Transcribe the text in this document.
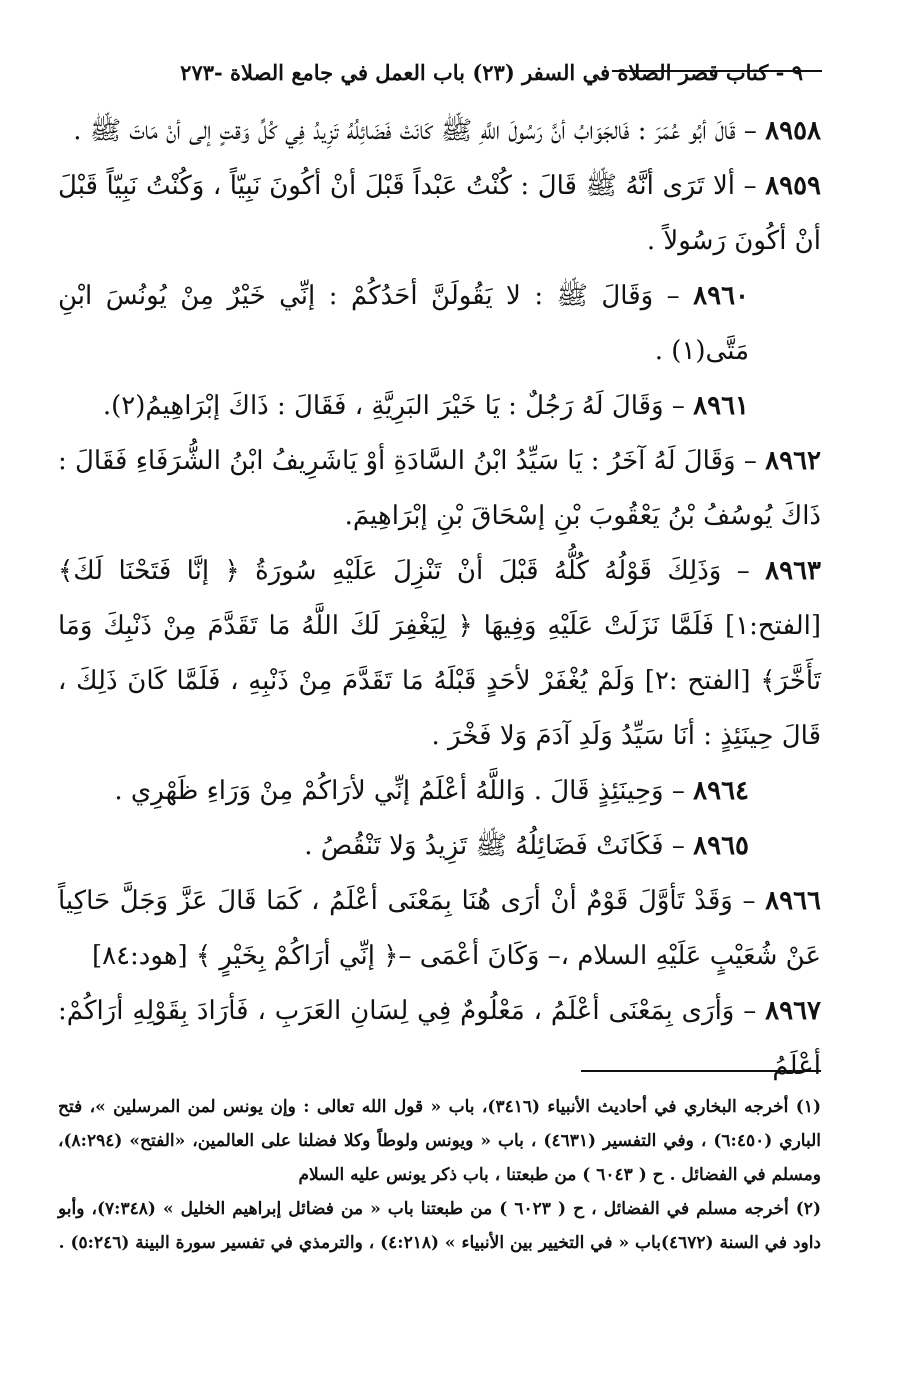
٩ - كتاب قصر الصلاة في السفر (٢٣) باب العمل في جامع الصلاة -٢٧٣

٨٩٥٨ – قَالَ أبُو عُمَرَ : فَالجَوَابُ أنَّ رَسُولَ اللَّهِ ﷺ كَانَتْ فَضَائِلُهُ تَزِيدُ فِي كُلِّ وَقتٍ إلى أنْ مَاتَ ﷺ .

٨٩٥٩ – ألا تَرَى أنَّهُ ﷺ قَالَ : كُنْتُ عَبْداً قَبْلَ أنْ أكُونَ نَبِيّاً ، وَكُنْتُ نَبِيّاً قَبْلَ أنْ أكُونَ رَسُولاً .

٨٩٦٠ – وَقَالَ ﷺ : لا يَقُولَنَّ أحَدُكُمْ : إنِّي خَيْرٌ مِنْ يُونُسَ ابْنِ مَتَّى(١) .

٨٩٦١ – وَقَالَ لَهُ رَجُلٌ : يَا خَيْرَ البَرِيَّةِ ، فَقَالَ : ذَاكَ إبْرَاهِيمُ(٢).

٨٩٦٢ – وَقَالَ لَهُ آخَرُ : يَا سَيِّدُ ابْنُ السَّادَةِ أوْ يَاشَرِيفُ ابْنُ الشُّرَفَاءِ فَقَالَ : ذَاكَ يُوسُفُ بْنُ يَعْقُوبَ بْنِ إسْحَاقَ بْنِ إبْرَاهِيمَ.

٨٩٦٣ – وَذَلِكَ قَوْلُهُ كُلُّهُ قَبْلَ أنْ تَنْزِلَ عَلَيْهِ سُورَةُ ﴿ إنَّا فَتَحْنَا لَكَ﴾ [الفتح:١] فَلَمَّا نَزَلَتْ عَلَيْهِ وَفِيهَا ﴿ لِيَغْفِرَ لَكَ اللَّهُ مَا تَقَدَّمَ مِنْ ذَنْبِكَ وَمَا تَأَخَّرَ﴾ [الفتح :٢] وَلَمْ يُغْفَرْ لأحَدٍ قَبْلَهُ مَا تَقَدَّمَ مِنْ ذَنْبِهِ ، فَلَمَّا كَانَ ذَلِكَ ، قَالَ حِينَئِذٍ : أنَا سَيِّدُ وَلَدِ آدَمَ وَلا فَخْرَ .

٨٩٦٤ – وَحِينَئِذٍ قَالَ . وَاللَّهُ أعْلَمُ إنِّي لأرَاكُمْ مِنْ وَرَاءِ ظَهْرِي .

٨٩٦٥ – فَكَانَتْ فَضَائِلُهُ ﷺ تَزِيدُ وَلا تَنْقُصُ .

٨٩٦٦ – وَقَدْ تَأوَّلَ قَوْمٌ أنْ أرَى هُنَا بِمَعْنَى أعْلَمُ ، كَمَا قَالَ عَزَّ وَجَلَّ حَاكِياً عَنْ شُعَيْبٍ عَلَيْهِ السلام ،– وَكَانَ أعْمَى –﴿ إنِّي أرَاكُمْ بِخَيْرٍ ﴾ [هود:٨٤]

٨٩٦٧ – وَأرَى بِمَعْنَى أعْلَمُ ، مَعْلُومٌ فِي لِسَانِ العَرَبِ ، فَأرَادَ بِقَوْلِهِ أرَاكُمْ: أعْلَمُ

(١) أخرجه البخاري في أحاديث الأنبياء (٣٤١٦)، باب « قول الله تعالى : وإن يونس لمن المرسلين »، فتح الباري (٦:٤٥٠) ، وفي التفسير (٤٦٣١) ، باب « ويونس ولوطاً وكلا فضلنا على العالمين، «الفتح» (٨:٢٩٤)، ومسلم في الفضائل . ح ( ٦٠٤٣ ) من طبعتنا ، باب ذكر يونس عليه السلام

(٢) أخرجه مسلم في الفضائل ، ح ( ٦٠٢٣ ) من طبعتنا باب « من فضائل إبراهيم الخليل » (٧:٣٤٨)، وأبو داود في السنة (٤٦٧٢)باب « في التخيير بين الأنبياء » (٤:٢١٨) ، والترمذي في تفسير سورة البينة (٥:٢٤٦) .
